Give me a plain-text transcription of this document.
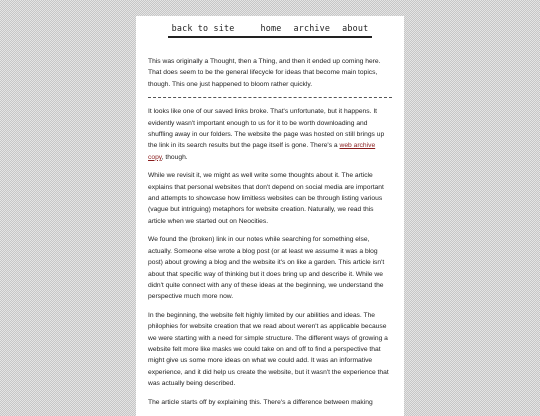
back to site	home archive about

This was originally a Thought, then a Thing, and then it ended up coming here. That does seem to be the general lifecycle for ideas that become main topics, though. This one just happened to bloom rather quickly.

It looks like one of our saved links broke. That's unfortunate, but it happens. It evidently wasn't important enough to us for it to be worth downloading and shuffling away in our folders. The website the page was hosted on still brings up the link in its search results but the page itself is gone. There's a web archive copy, though.

While we revisit it, we might as well write some thoughts about it. The article explains that personal websites that don't depend on social media are important and attempts to showcase how limitless websites can be through listing various (vague but intriguing) metaphors for website creation. Naturally, we read this article when we started out on Neocities.

We found the (broken) link in our notes while searching for something else, actually. Someone else wrote a blog post (or at least we assume it was a blog post) about growing a blog and the website it's on like a garden. This article isn't about that specific way of thinking but it does bring up and describe it. While we didn't quite connect with any of these ideas at the beginning, we understand the perspective much more now.

In the beginning, the website felt highly limited by our abilities and ideas. The philophies for website creation that we read about weren't as applicable because we were starting with a need for simple structure. The different ways of growing a website felt more like masks we could take on and off to find a perspective that might give us some more ideas on what we could add. It was an informative experience, and it did help us create the website, but it wasn't the experience that was actually being described.

The article starts off by explaining this. There's a difference between making
